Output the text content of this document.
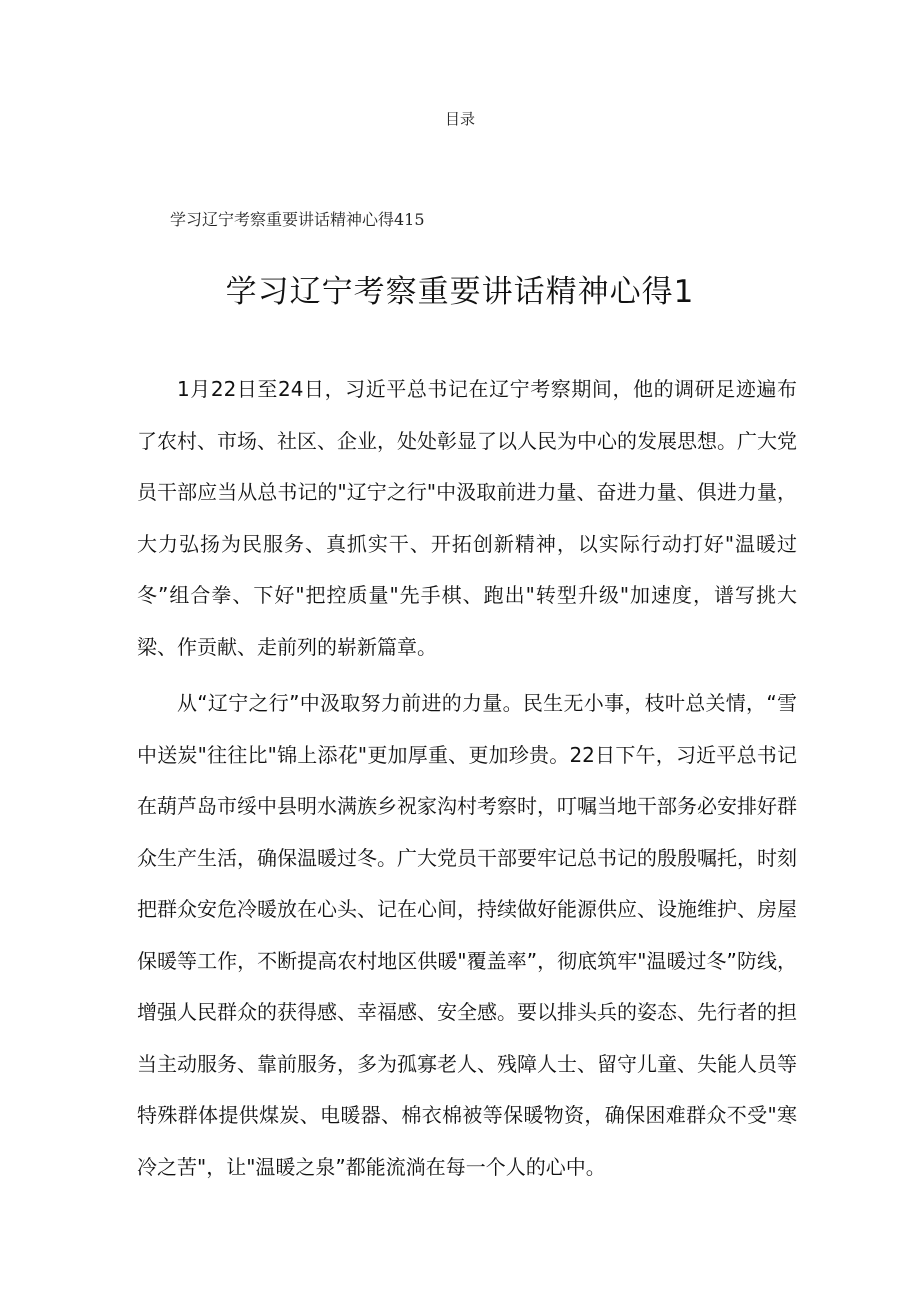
目录
学习辽宁考察重要讲话精神心得415
学习辽宁考察重要讲话精神心得1

1月22日至24日，习近平总书记在辽宁考察期间，他的调研足迹遍布了农村、市场、社区、企业，处处彰显了以人民为中心的发展思想。广大党员干部应当从总书记的"辽宁之行"中汲取前进力量、奋进力量、俱进力量，大力弘扬为民服务、真抓实干、开拓创新精神，以实际行动打好"温暖过冬”组合拳、下好"把控质量"先手棋、跑出"转型升级"加速度，谱写挑大梁、作贡献、走前列的崭新篇章。

从“辽宁之行”中汲取努力前进的力量。民生无小事，枝叶总关情，“雪中送炭"往往比"锦上添花"更加厚重、更加珍贵。22日下午，习近平总书记在葫芦岛市绥中县明水满族乡祝家沟村考察时，叮嘱当地干部务必安排好群众生产生活，确保温暖过冬。广大党员干部要牢记总书记的殷殷嘱托，时刻把群众安危冷暖放在心头、记在心间，持续做好能源供应、设施维护、房屋保暖等工作，不断提高农村地区供暖"覆盖率”，彻底筑牢"温暖过冬”防线，增强人民群众的获得感、幸福感、安全感。要以排头兵的姿态、先行者的担当主动服务、靠前服务，多为孤寡老人、残障人士、留守儿童、失能人员等特殊群体提供煤炭、电暖器、棉衣棉被等保暖物资，确保困难群众不受"寒冷之苦"，让"温暖之泉”都能流淌在每一个人的心中。
